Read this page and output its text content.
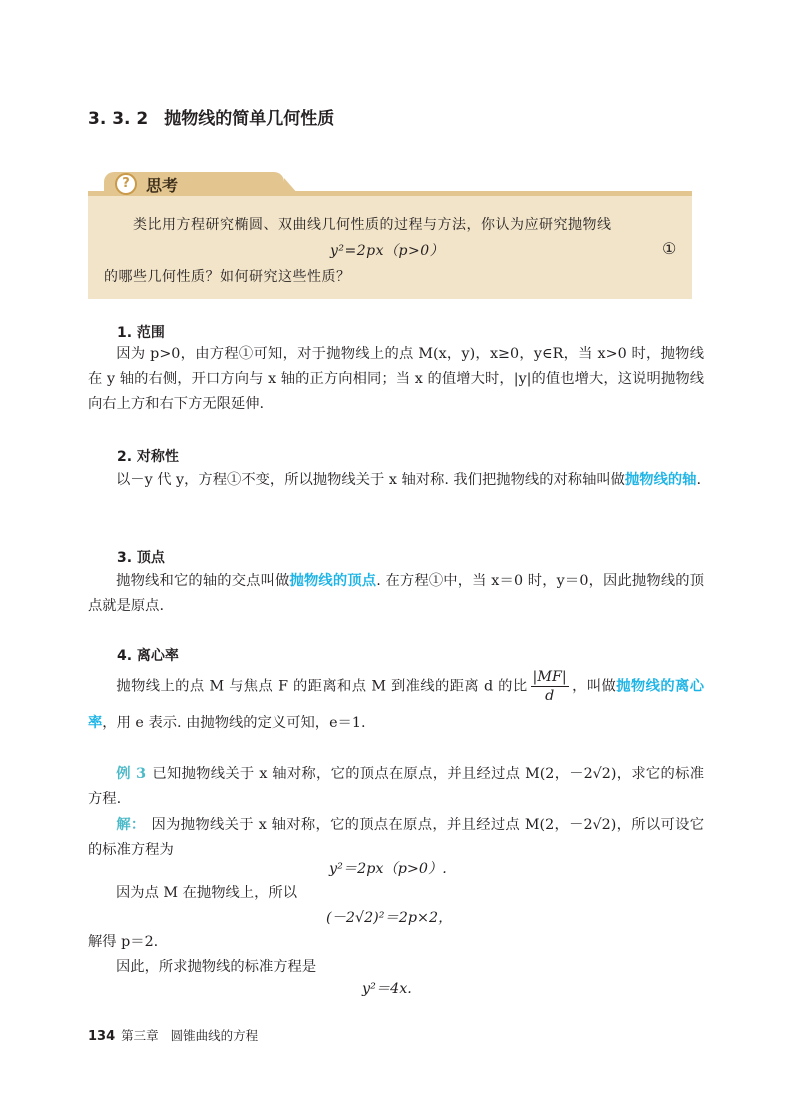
3. 3. 2 抛物线的简单几何性质
?	思考
类比用方程研究椭圆、双曲线几何性质的过程与方法，你认为应研究抛物线
y²=2px（p>0）	①
的哪些几何性质？如何研究这些性质？
1. 范围
因为 p>0，由方程①可知，对于抛物线上的点 M(x，y)，x≥0，y∈R，当 x>0 时，抛物线在 y 轴的右侧，开口方向与 x 轴的正方向相同；当 x 的值增大时，|y|的值也增大，这说明抛物线向右上方和右下方无限延伸.
2. 对称性
以－y 代 y，方程①不变，所以抛物线关于 x 轴对称. 我们把抛物线的对称轴叫做抛物线的轴.
3. 顶点
抛物线和它的轴的交点叫做抛物线的顶点. 在方程①中，当 x＝0 时，y＝0，因此抛物线的顶点就是原点.
4. 离心率
抛物线上的点 M 与焦点 F 的距离和点 M 到准线的距离 d 的比 $\frac{|MF|}{d}$ ，叫做抛物线的离心率，用 e 表示. 由抛物线的定义可知，e＝1.
例 3 已知抛物线关于 x 轴对称，它的顶点在原点，并且经过点 M(2，－2√2)，求它的标准方程.
解： 因为抛物线关于 x 轴对称，它的顶点在原点，并且经过点 M(2，－2√2)，所以可设它的标准方程为
y²＝2px（p>0）.
因为点 M 在抛物线上，所以
(－2√2)²＝2p×2，
解得 p＝2.
因此，所求抛物线的标准方程是
y²＝4x.
134 第三章 圆锥曲线的方程
